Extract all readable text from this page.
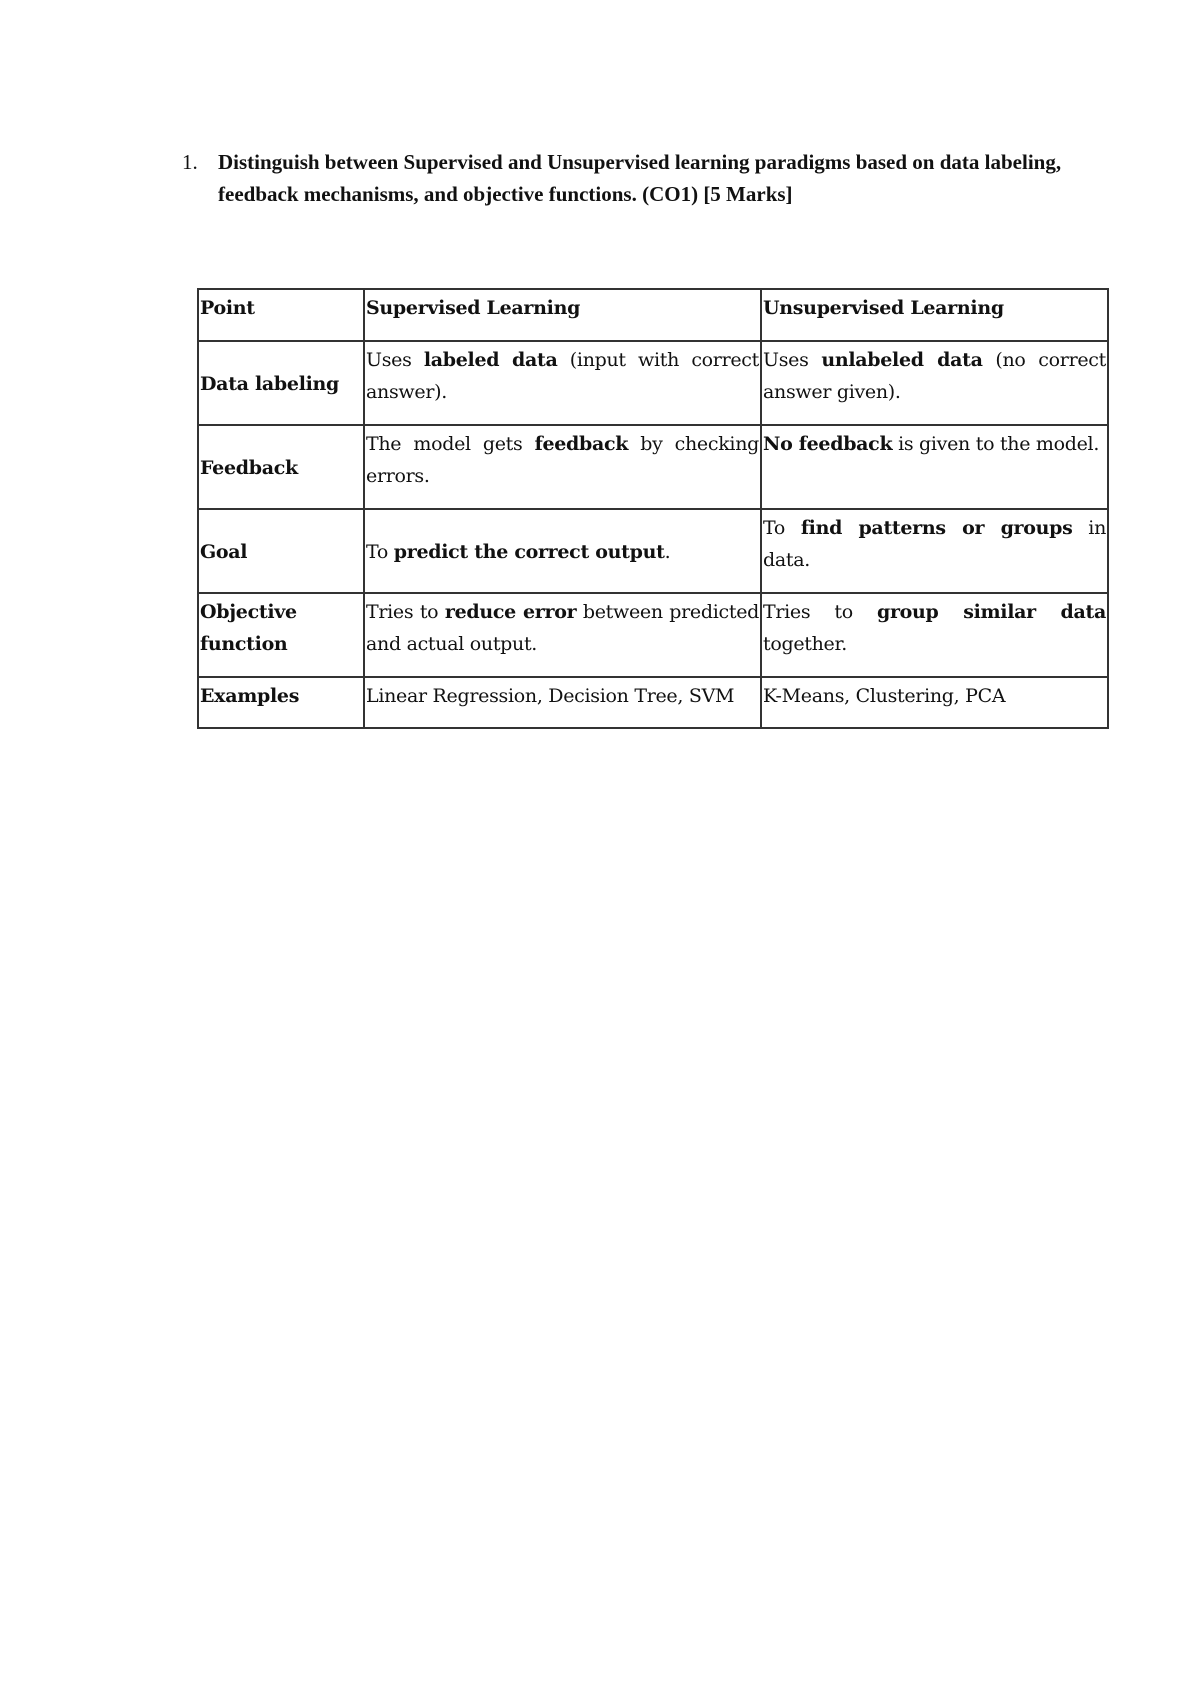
1. Distinguish between Supervised and Unsupervised learning paradigms based on data labeling, feedback mechanisms, and objective functions. (CO1) [5 Marks]
Point	Supervised Learning	Unsupervised Learning
Data labeling	Uses labeled data (input with correct answer).	Uses unlabeled data (no correct answer given).
Feedback	The model gets feedback by checking errors.	No feedback is given to the model.
Goal	To predict the correct output.	To find patterns or groups in data.
Objective function	Tries to reduce error between predicted and actual output.	Tries to group similar data together.
Examples	Linear Regression, Decision Tree, SVM	K-Means, Clustering, PCA
